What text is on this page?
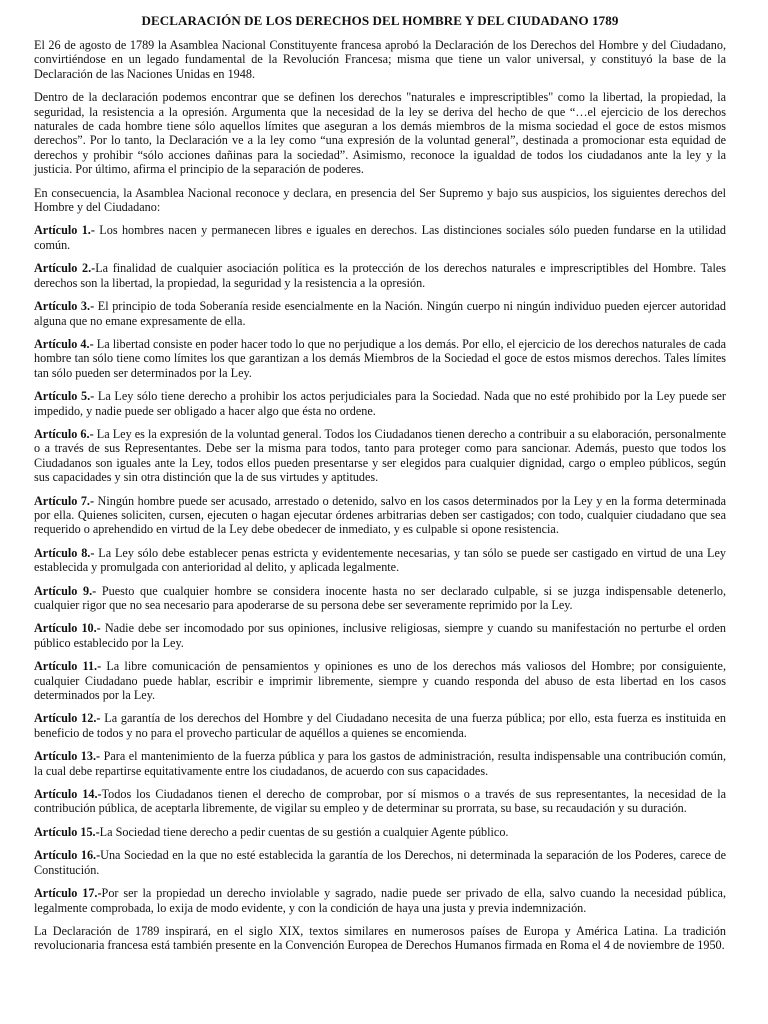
DECLARACIÓN DE LOS DERECHOS DEL HOMBRE Y DEL CIUDADANO 1789

El 26 de agosto de 1789 la Asamblea Nacional Constituyente francesa aprobó la Declaración de los Derechos del Hombre y del Ciudadano, convirtiéndose en un legado fundamental de la Revolución Francesa; misma que tiene un valor universal, y constituyó la base de la Declaración de las Naciones Unidas en 1948.

Dentro de la declaración podemos encontrar que se definen los derechos "naturales e imprescriptibles" como la libertad, la propiedad, la seguridad, la resistencia a la opresión. Argumenta que la necesidad de la ley se deriva del hecho de que “…el ejercicio de los derechos naturales de cada hombre tiene sólo aquellos límites que aseguran a los demás miembros de la misma sociedad el goce de estos mismos derechos”. Por lo tanto, la Declaración ve a la ley como “una expresión de la voluntad general”, destinada a promocionar esta equidad de derechos y prohibir “sólo acciones dañinas para la sociedad”. Asimismo, reconoce la igualdad de todos los ciudadanos ante la ley y la justicia. Por último, afirma el principio de la separación de poderes.

En consecuencia, la Asamblea Nacional reconoce y declara, en presencia del Ser Supremo y bajo sus auspicios, los siguientes derechos del Hombre y del Ciudadano:

Artículo 1.- Los hombres nacen y permanecen libres e iguales en derechos. Las distinciones sociales sólo pueden fundarse en la utilidad común.

Artículo 2.-La finalidad de cualquier asociación política es la protección de los derechos naturales e imprescriptibles del Hombre. Tales derechos son la libertad, la propiedad, la seguridad y la resistencia a la opresión.

Artículo 3.- El principio de toda Soberanía reside esencialmente en la Nación. Ningún cuerpo ni ningún individuo pueden ejercer autoridad alguna que no emane expresamente de ella.

Artículo 4.- La libertad consiste en poder hacer todo lo que no perjudique a los demás. Por ello, el ejercicio de los derechos naturales de cada hombre tan sólo tiene como límites los que garantizan a los demás Miembros de la Sociedad el goce de estos mismos derechos. Tales límites tan sólo pueden ser determinados por la Ley.

Artículo 5.- La Ley sólo tiene derecho a prohibir los actos perjudiciales para la Sociedad. Nada que no esté prohibido por la Ley puede ser impedido, y nadie puede ser obligado a hacer algo que ésta no ordene.

Artículo 6.- La Ley es la expresión de la voluntad general. Todos los Ciudadanos tienen derecho a contribuir a su elaboración, personalmente o a través de sus Representantes. Debe ser la misma para todos, tanto para proteger como para sancionar. Además, puesto que todos los Ciudadanos son iguales ante la Ley, todos ellos pueden presentarse y ser elegidos para cualquier dignidad, cargo o empleo públicos, según sus capacidades y sin otra distinción que la de sus virtudes y aptitudes.

Artículo 7.- Ningún hombre puede ser acusado, arrestado o detenido, salvo en los casos determinados por la Ley y en la forma determinada por ella. Quienes soliciten, cursen, ejecuten o hagan ejecutar órdenes arbitrarias deben ser castigados; con todo, cualquier ciudadano que sea requerido o aprehendido en virtud de la Ley debe obedecer de inmediato, y es culpable si opone resistencia.

Artículo 8.- La Ley sólo debe establecer penas estricta y evidentemente necesarias, y tan sólo se puede ser castigado en virtud de una Ley establecida y promulgada con anterioridad al delito, y aplicada legalmente.

Artículo 9.- Puesto que cualquier hombre se considera inocente hasta no ser declarado culpable, si se juzga indispensable detenerlo, cualquier rigor que no sea necesario para apoderarse de su persona debe ser severamente reprimido por la Ley.

Artículo 10.- Nadie debe ser incomodado por sus opiniones, inclusive religiosas, siempre y cuando su manifestación no perturbe el orden público establecido por la Ley.

Artículo 11.- La libre comunicación de pensamientos y opiniones es uno de los derechos más valiosos del Hombre; por consiguiente, cualquier Ciudadano puede hablar, escribir e imprimir libremente, siempre y cuando responda del abuso de esta libertad en los casos determinados por la Ley.

Artículo 12.- La garantía de los derechos del Hombre y del Ciudadano necesita de una fuerza pública; por ello, esta fuerza es instituida en beneficio de todos y no para el provecho particular de aquéllos a quienes se encomienda.

Artículo 13.- Para el mantenimiento de la fuerza pública y para los gastos de administración, resulta indispensable una contribución común, la cual debe repartirse equitativamente entre los ciudadanos, de acuerdo con sus capacidades.

Artículo 14.-Todos los Ciudadanos tienen el derecho de comprobar, por sí mismos o a través de sus representantes, la necesidad de la contribución pública, de aceptarla libremente, de vigilar su empleo y de determinar su prorrata, su base, su recaudación y su duración.

Artículo 15.-La Sociedad tiene derecho a pedir cuentas de su gestión a cualquier Agente público.

Artículo 16.-Una Sociedad en la que no esté establecida la garantía de los Derechos, ni determinada la separación de los Poderes, carece de Constitución.

Artículo 17.-Por ser la propiedad un derecho inviolable y sagrado, nadie puede ser privado de ella, salvo cuando la necesidad pública, legalmente comprobada, lo exija de modo evidente, y con la condición de haya una justa y previa indemnización.

La Declaración de 1789 inspirará, en el siglo XIX, textos similares en numerosos países de Europa y América Latina. La tradición revolucionaria francesa está también presente en la Convención Europea de Derechos Humanos firmada en Roma el 4 de noviembre de 1950.
